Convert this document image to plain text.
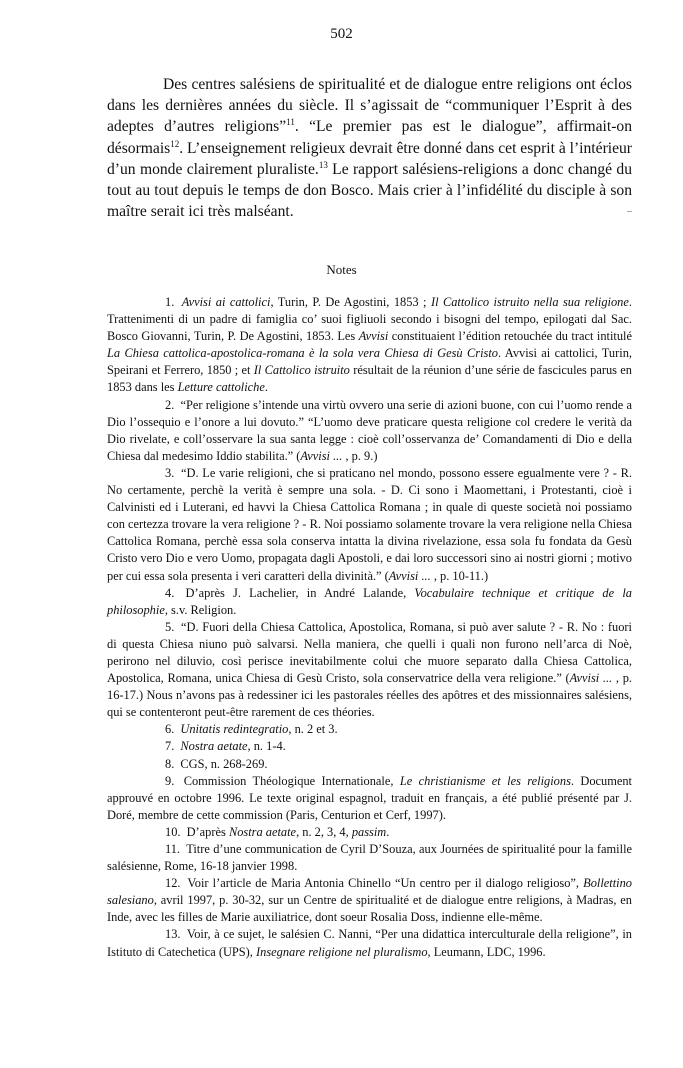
502

Des centres salésiens de spiritualité et de dialogue entre religions ont éclos dans les dernières années du siècle. Il s’agissait de “communiquer l’Esprit à des adeptes d’autres religions”$^{11}$. “Le premier pas est le dialogue”, affirmait-on désormais$^{12}$. L’enseignement religieux devrait être donné dans cet esprit à l’intérieur d’un monde clairement pluraliste.$^{13}$ Le rapport salésiens-religions a donc changé du tout au tout depuis le temps de don Bosco. Mais crier à l’infidélité du disciple à son maître serait ici très malséant.

Notes

1. Avvisi ai cattolici, Turin, P. De Agostini, 1853 ; Il Cattolico istruito nella sua religione. Trattenimenti di un padre di famiglia co’ suoi figliuoli secondo i bisogni del tempo, epilogati dal Sac. Bosco Giovanni, Turin, P. De Agostini, 1853. Les Avvisi constituaient l’édition retouchée du tract intitulé La Chiesa cattolica-apostolica-romana è la sola vera Chiesa di Gesù Cristo. Avvisi ai cattolici, Turin, Speirani et Ferrero, 1850 ; et Il Cattolico istruito résultait de la réunion d’une série de fascicules parus en 1853 dans les Letture cattoliche.

2. “Per religione s’intende una virtù ovvero una serie di azioni buone, con cui l’uomo rende a Dio l’ossequio e l’onore a lui dovuto.” “L’uomo deve praticare questa religione col credere le verità da Dio rivelate, e coll’osservare la sua santa legge : cioè coll’osservanza de’ Comandamenti di Dio e della Chiesa dal medesimo Iddio stabilita.” (Avvisi ... , p. 9.)

3. “D. Le varie religioni, che si praticano nel mondo, possono essere egualmente vere ? - R. No certamente, perchè la verità è sempre una sola. - D. Ci sono i Maomettani, i Protestanti, cioè i Calvinisti ed i Luterani, ed havvi la Chiesa Cattolica Romana ; in quale di queste società noi possiamo con certezza trovare la vera religione ? - R. Noi possiamo solamente trovare la vera religione nella Chiesa Cattolica Romana, perchè essa sola conserva intatta la divina rivelazione, essa sola fu fondata da Gesù Cristo vero Dio e vero Uomo, propagata dagli Apostoli, e dai loro successori sino ai nostri giorni ; motivo per cui essa sola presenta i veri caratteri della divinità.” (Avvisi ... , p. 10-11.)

4. D’après J. Lachelier, in André Lalande, Vocabulaire technique et critique de la philosophie, s.v. Religion.

5. “D. Fuori della Chiesa Cattolica, Apostolica, Romana, si può aver salute ? - R. No : fuori di questa Chiesa niuno può salvarsi. Nella maniera, che quelli i quali non furono nell’arca di Noè, perirono nel diluvio, così perisce inevitabilmente colui che muore separato dalla Chiesa Cattolica, Apostolica, Romana, unica Chiesa di Gesù Cristo, sola conservatrice della vera religione.” (Avvisi ... , p. 16-17.) Nous n’avons pas à redessiner ici les pastorales réelles des apôtres et des missionnaires salésiens, qui se contenteront peut-être rarement de ces théories.

6. Unitatis redintegratio, n. 2 et 3.

7. Nostra aetate, n. 1-4.

8. CGS, n. 268-269.

9. Commission Théologique Internationale, Le christianisme et les religions. Document approuvé en octobre 1996. Le texte original espagnol, traduit en français, a été publié présenté par J. Doré, membre de cette commission (Paris, Centurion et Cerf, 1997).

10. D’après Nostra aetate, n. 2, 3, 4, passim.

11. Titre d’une communication de Cyril D’Souza, aux Journées de spiritualité pour la famille salésienne, Rome, 16-18 janvier 1998.

12. Voir l’article de Maria Antonia Chinello “Un centro per il dialogo religioso”, Bollettino salesiano, avril 1997, p. 30-32, sur un Centre de spiritualité et de dialogue entre religions, à Madras, en Inde, avec les filles de Marie auxiliatrice, dont soeur Rosalia Doss, indienne elle-même.

13. Voir, à ce sujet, le salésien C. Nanni, “Per una didattica interculturale della religione”, in Istituto di Catechetica (UPS), Insegnare religione nel pluralismo, Leumann, LDC, 1996.
